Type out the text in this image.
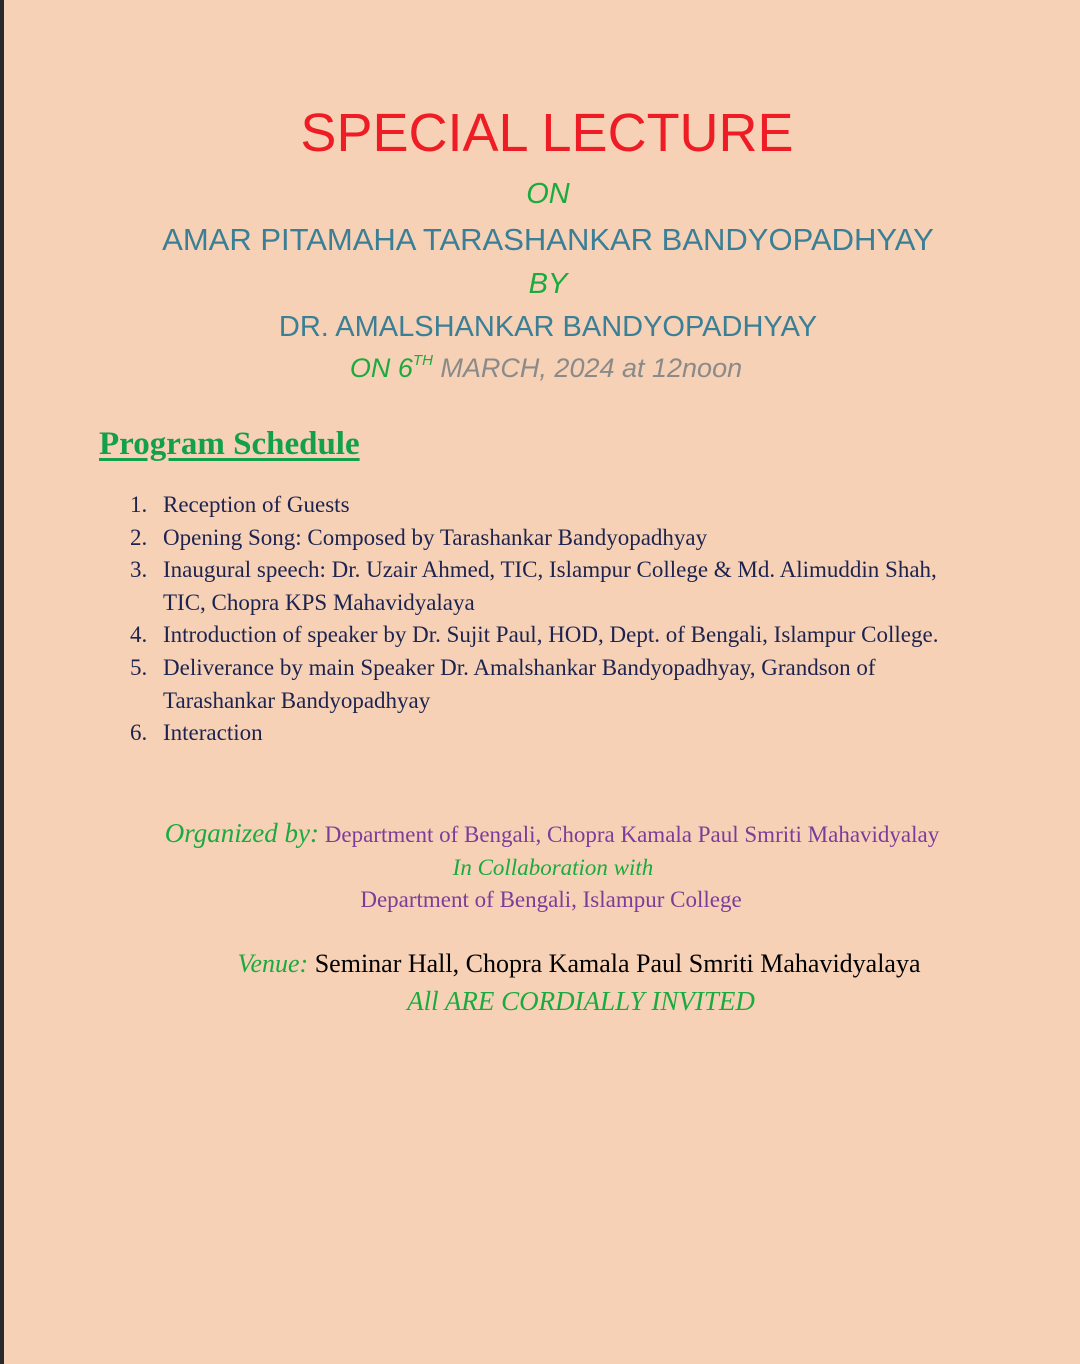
SPECIAL LECTURE
ON
AMAR PITAMAHA TARASHANKAR BANDYOPADHYAY
BY
DR. AMALSHANKAR BANDYOPADHYAY
ON 6TH MARCH, 2024 at 12noon
Program Schedule
1. Reception of Guests
2. Opening Song: Composed by Tarashankar Bandyopadhyay
3. Inaugural speech: Dr. Uzair Ahmed, TIC, Islampur College & Md. Alimuddin Shah, TIC, Chopra KPS Mahavidyalaya
4. Introduction of speaker by Dr. Sujit Paul, HOD, Dept. of Bengali, Islampur College.
5. Deliverance by main Speaker Dr. Amalshankar Bandyopadhyay, Grandson of Tarashankar Bandyopadhyay
6. Interaction
Organized by: Department of Bengali, Chopra Kamala Paul Smriti Mahavidyalay
In Collaboration with
Department of Bengali, Islampur College
Venue: Seminar Hall, Chopra Kamala Paul Smriti Mahavidyalaya
All ARE CORDIALLY INVITED
